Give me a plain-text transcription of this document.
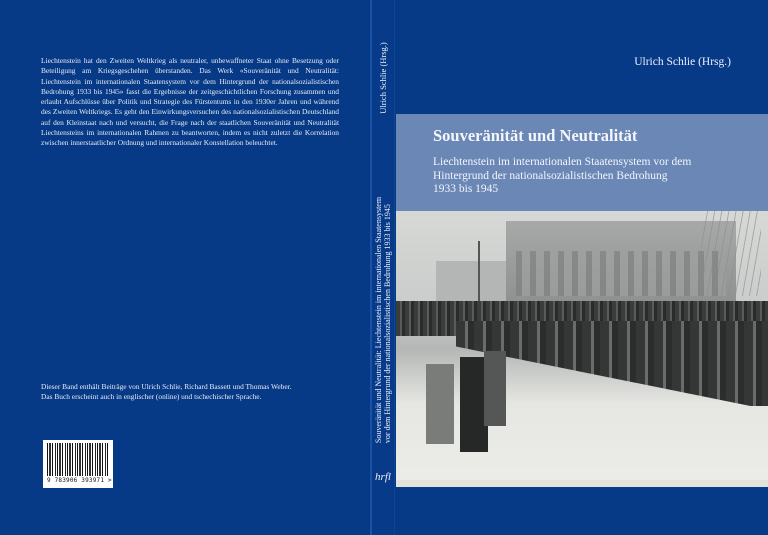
Liechtenstein hat den Zweiten Weltkrieg als neutraler, unbewaffneter Staat ohne Besetzung oder Beteiligung am Kriegsgeschehen überstanden. Das Werk «Souveränität und Neutralität: Liechtenstein im internationalen Staatensystem vor dem Hintergrund der nationalsozialistischen Bedrohung 1933 bis 1945» fasst die Ergebnisse der zeitgeschichtlichen Forschung zusammen und erlaubt Aufschlüsse über Politik und Strategie des Fürstentums in den 1930er Jahren und während des Zweiten Weltkriegs. Es geht den Einwirkungsversuchen des nationalsozialistischen Deutschland auf den Kleinstaat nach und versucht, die Frage nach der staatlichen Souveränität und Neutralität Liechtensteins im internationalen Rahmen zu beantworten, indem es nicht zuletzt die Korrelation zwischen innerstaatlicher Ordnung und internationaler Konstellation beleuchtet.

Dieser Band enthält Beiträge von Ulrich Schlie, Richard Bassett und Thomas Weber.

Das Buch erscheint auch in englischer (online) und tschechischer Sprache.

9 783906 393971 >
Ulrich Schlie (Hrsg.)
Souveränität und Neutralität: Liechtenstein im internationalen Staatensystem vor dem Hintergrund der nationalsozialistischen Bedrohung 1933 bis 1945
hrfl
Ulrich Schlie (Hrsg.)
Souveränität und Neutralität
Liechtenstein im internationalen Staatensystem vor dem
Hintergrund der nationalsozialistischen Bedrohung
1933 bis 1945
